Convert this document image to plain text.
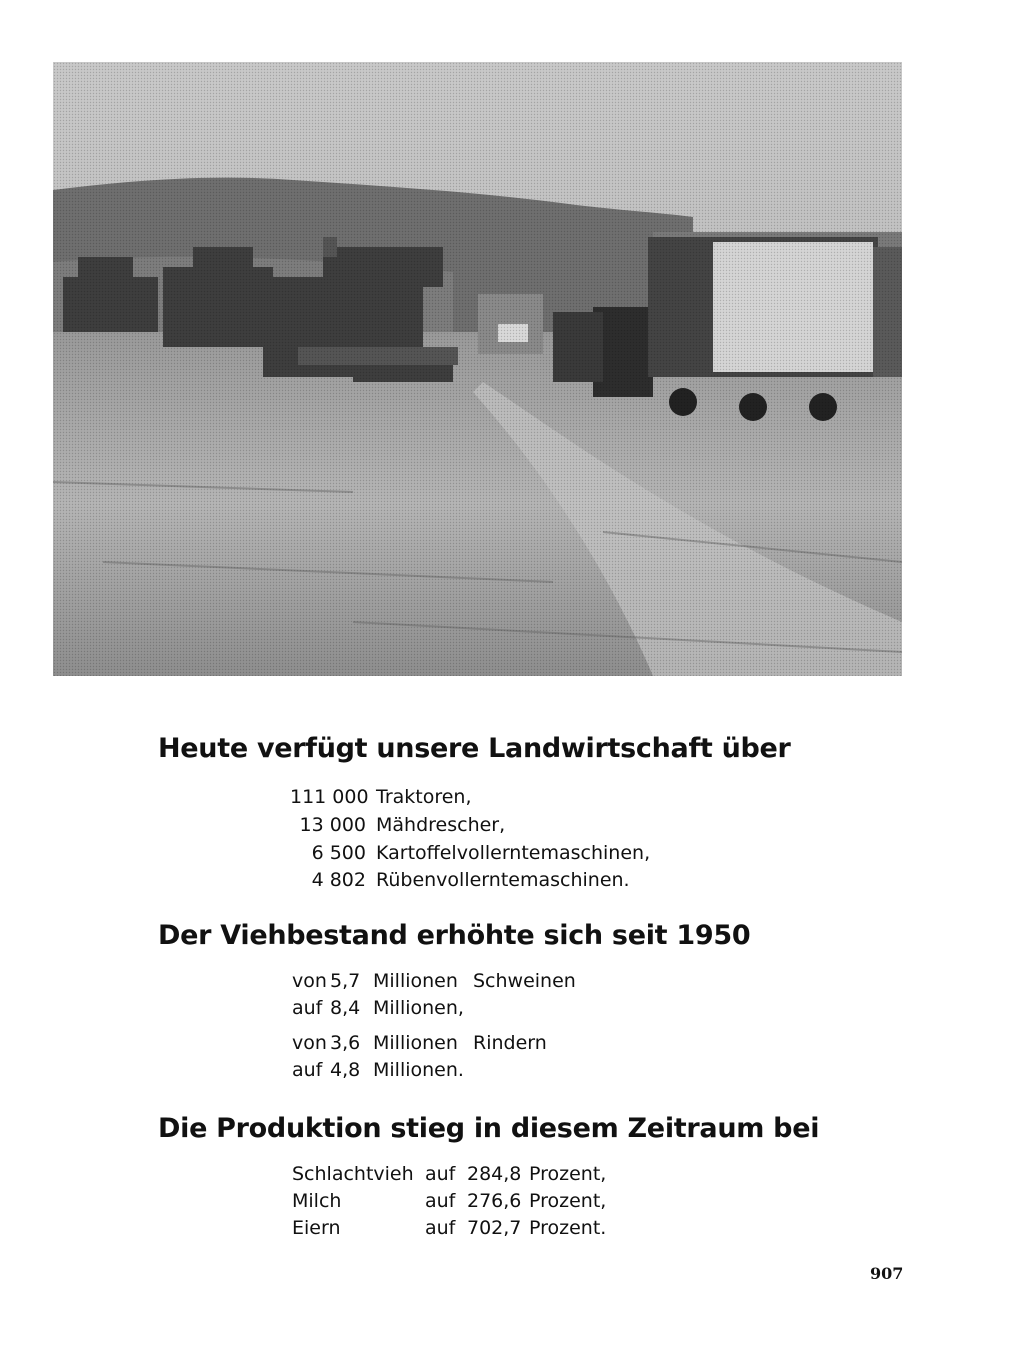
Heute verfügt unsere Landwirtschaft über
111 000 Traktoren,
13 000 Mähdrescher,
6 500 Kartoffelvollerntemaschinen,
4 802 Rübenvollerntemaschinen.
Der Viehbestand erhöhte sich seit 1950
von 5,7 Millionen Schweinen
auf 8,4 Millionen,
von 3,6 Millionen Rindern
auf 4,8 Millionen.
Die Produktion stieg in diesem Zeitraum bei
Schlachtvieh auf 284,8 Prozent,
Milch	auf 276,6 Prozent,
Eiern	auf 702,7 Prozent.
907
